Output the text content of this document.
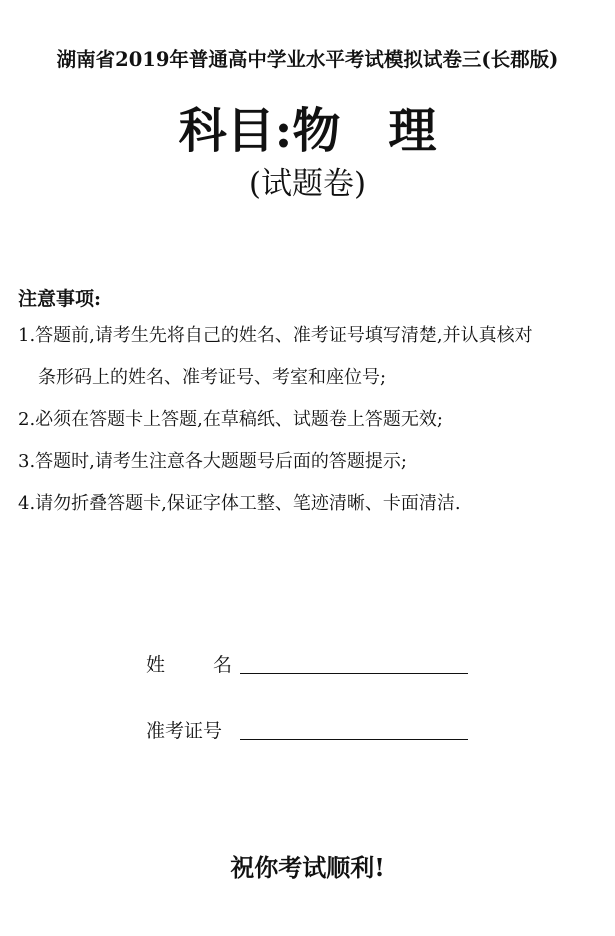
湖南省2019年普通高中学业水平考试模拟试卷三(长郡版)
科目:物　理
(试题卷)
注意事项:
1.答题前,请考生先将自己的姓名、准考证号填写清楚,并认真核对
条形码上的姓名、准考证号、考室和座位号;
2.必须在答题卡上答题,在草稿纸、试题卷上答题无效;
3.答题时,请考生注意各大题题号后面的答题提示;
4.请勿折叠答题卡,保证字体工整、笔迹清晰、卡面清洁.
姓名
准考证号
祝你考试顺利!
